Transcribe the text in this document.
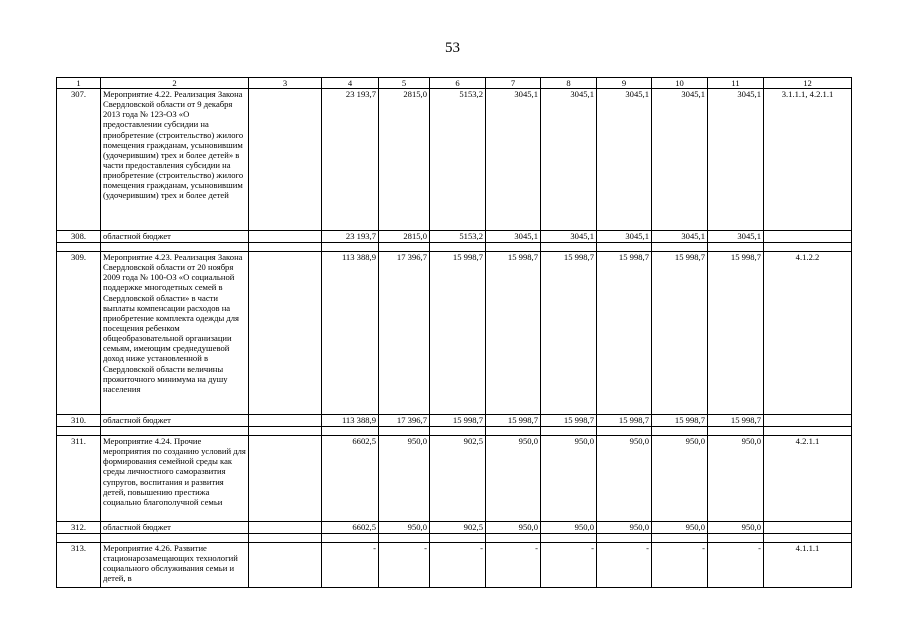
53
1	2	3	4	5	6	7	8	9	10	11	12
307.	Мероприятие 4.22. Реализация Закона Свердловской области от 9 декабря 2013 года № 123-ОЗ «О предоставлении субсидии на приобретение (строительство) жилого помещения гражданам, усыновившим (удочерившим) трех и более детей» в части предоставления субсидии на приобретение (строительство) жилого помещения гражданам, усыновившим (удочерившим) трех и более детей		23 193,7	2815,0	5153,2	3045,1	3045,1	3045,1	3045,1	3045,1	3.1.1.1, 4.2.1.1
308.	областной бюджет		23 193,7	2815,0	5153,2	3045,1	3045,1	3045,1	3045,1	3045,1	

309.	Мероприятие 4.23. Реализация Закона Свердловской области от 20 ноября 2009 года № 100-ОЗ «О социальной поддержке многодетных семей в Свердловской области» в части выплаты компенсации расходов на приобретение комплекта одежды для посещения ребенком общеобразовательной организации семьям, имеющим среднедушевой доход ниже установленной в Свердловской области величины прожиточного минимума на душу населения		113 388,9	17 396,7	15 998,7	15 998,7	15 998,7	15 998,7	15 998,7	15 998,7	4.1.2.2
310.	областной бюджет		113 388,9	17 396,7	15 998,7	15 998,7	15 998,7	15 998,7	15 998,7	15 998,7	

311.	Мероприятие 4.24. Прочие мероприятия по созданию условий для формирования семейной среды как среды личностного саморазвития супругов, воспитания и развития детей, повышению престижа социально благополучной семьи		6602,5	950,0	902,5	950,0	950,0	950,0	950,0	950,0	4.2.1.1
312.	областной бюджет		6602,5	950,0	902,5	950,0	950,0	950,0	950,0	950,0	

313.	Мероприятие 4.26. Развитие стационарозамещающих технологий социального обслуживания семьи и детей, в		-	-	-	-	-	-	-	-	4.1.1.1
